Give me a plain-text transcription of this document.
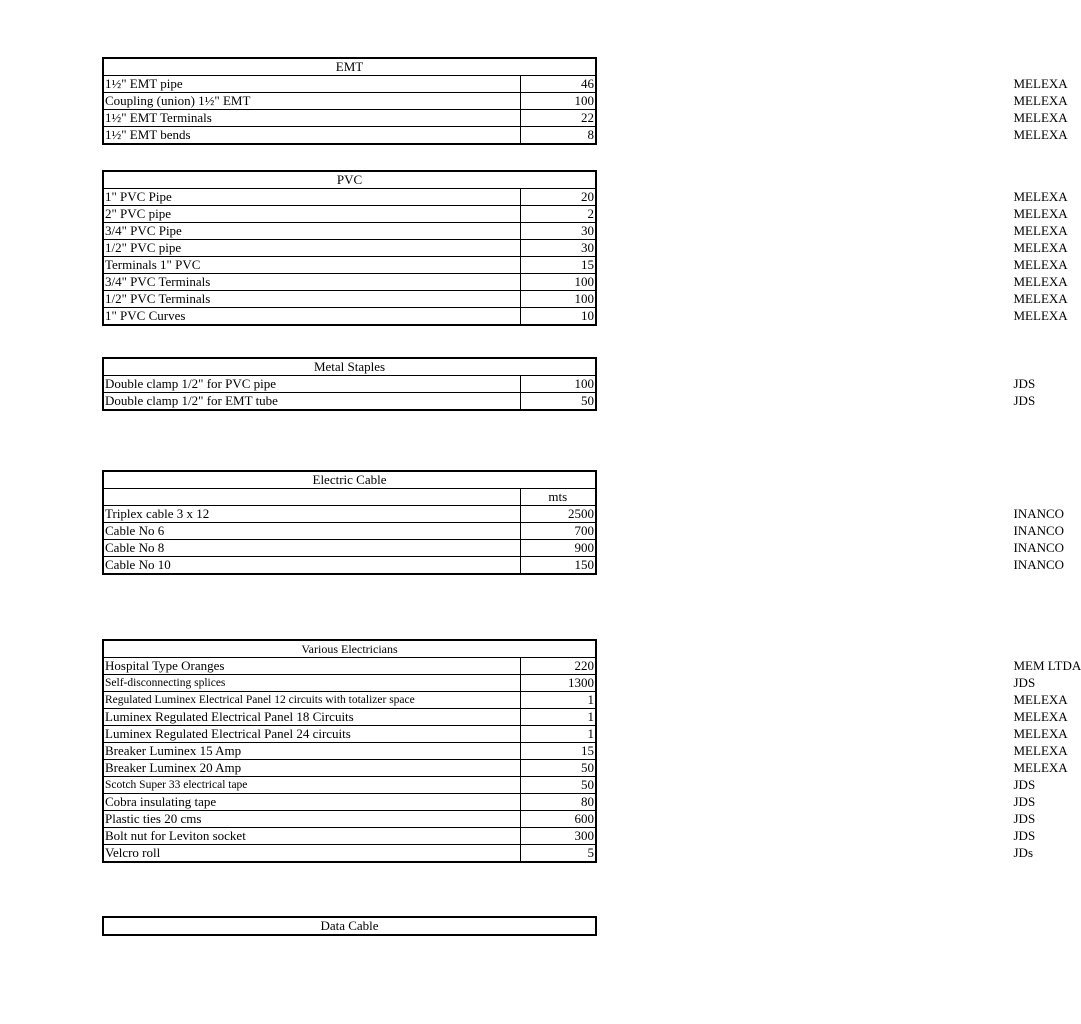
EMT	
1½" EMT pipe	46 MELEXA

Coupling (union) 1½" EMT	100 MELEXA

1½" EMT Terminals	22 MELEXA

1½" EMT bends	8 MELEXA
PVC	
1" PVC Pipe	20 MELEXA

2" PVC pipe	2 MELEXA

3/4" PVC Pipe	30 MELEXA

1/2" PVC pipe	30 MELEXA

Terminals 1" PVC	15 MELEXA

3/4" PVC Terminals	100 MELEXA

1/2" PVC Terminals	100 MELEXA

1" PVC Curves	10 MELEXA
Metal Staples	
Double clamp 1/2" for PVC pipe	100 JDS

Double clamp 1/2" for EMT tube	50 JDS
Electric Cable	
	mts
Triplex cable 3 x 12	2500 INANCO

Cable No 6	700 INANCO

Cable No 8	900 INANCO

Cable No 10	150 INANCO
Various Electricians	
Hospital Type Oranges	220 MEM LTDA

Self-disconnecting splices	1300 JDS

Regulated Luminex Electrical Panel 12 circuits with totalizer space	1 MELEXA

Luminex Regulated Electrical Panel 18 Circuits	1 MELEXA

Luminex Regulated Electrical Panel 24 circuits	1 MELEXA

Breaker Luminex 15 Amp	15 MELEXA

Breaker Luminex 20 Amp	50 MELEXA

Scotch Super 33 electrical tape	50 JDS

Cobra insulating tape	80 JDS

Plastic ties 20 cms	600 JDS

Bolt nut for Leviton socket	300 JDS

Velcro roll	5 JDs
Data Cable
